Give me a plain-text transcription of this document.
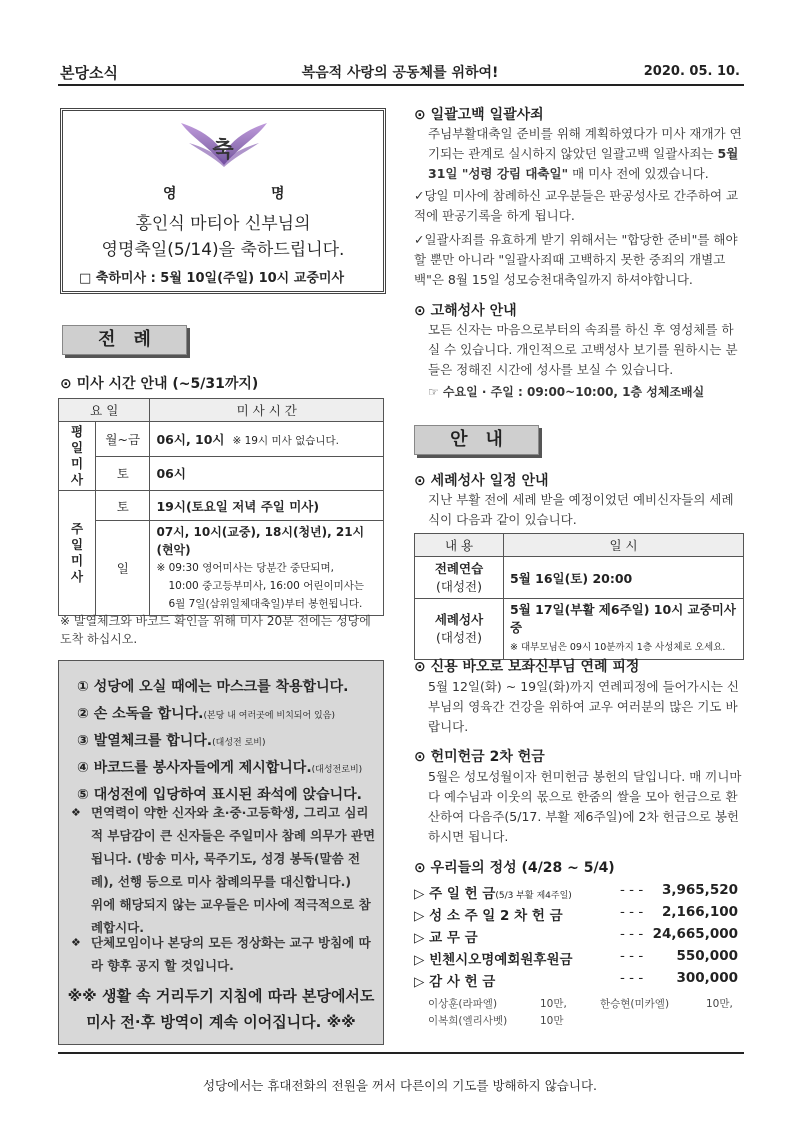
본당소식	복음적 사랑의 공동체를 위하여!	2020. 05. 10.
축
영	명
홍인식 마티아 신부님의
영명축일(5/14)을 축하드립니다.
□ 축하미사 : 5월 10일(주일) 10시 교중미사
전례
⊙ 미사 시간 안내 (~5/31까지)
요 일		미 사 시 간
평일
미사	월~금	06시, 10시 ※ 19시 미사 없습니다.
	토	06시
주일
미사	토	19시(토요일 저녁 주일 미사)
	일	07시, 10시(교중), 18시(청년), 21시(현악)
※ 09:30 영어미사는 당분간 중단되며,
10:00 중고등부미사, 16:00 어린이미사는
6월 7일(삼위일체대축일)부터 봉헌됩니다.
※ 발열체크와 바코드 확인을 위해 미사 20분 전에는 성당에 도착 하십시오.
① 성당에 오실 때에는 마스크를 착용합니다.
② 손 소독을 합니다.(본당 내 여러곳에 비치되어 있음)
③ 발열체크를 합니다.(대성전 로비)
④ 바코드를 봉사자들에게 제시합니다.(대성전로비)
⑤ 대성전에 입당하여 표시된 좌석에 앉습니다.
❖ 면역력이 약한 신자와 초·중·고등학생, 그리고 심리적 부담감이 큰 신자들은 주일미사 참례 의무가 관면됩니다. (방송 미사, 묵주기도, 성경 봉독(말씀 전례), 선행 등으로 미사 참례의무를 대신합니다.)
위에 해당되지 않는 교우들은 미사에 적극적으로 참례합시다.
❖ 단체모임이나 본당의 모든 정상화는 교구 방침에 따라 향후 공지 할 것입니다.
※※ 생활 속 거리두기 지침에 따라 본당에서도
미사 전·후 방역이 계속 이어집니다. ※※
⊙ 일괄고백 일괄사죄
주님부활대축일 준비를 위해 계획하였다가 미사 재개가 연기되는 관계로 실시하지 않았던 일괄고백 일괄사죄는 5월 31일 "성령 강림 대축일" 매 미사 전에 있겠습니다.
✓당일 미사에 참례하신 교우분들은 판공성사로 간주하여 교적에 판공기록을 하게 됩니다.
✓일괄사죄를 유효하게 받기 위해서는 "합당한 준비"를 해야 할 뿐만 아니라 "일괄사죄때 고백하지 못한 중죄의 개별고백"은 8월 15일 성모승천대축일까지 하셔야합니다.
⊙ 고해성사 안내
모든 신자는 마음으로부터의 속죄를 하신 후 영성체를 하실 수 있습니다. 개인적으로 고백성사 보기를 원하시는 분들은 정해진 시간에 성사를 보실 수 있습니다.
☞ 수요일 · 주일 : 09:00~10:00, 1층 성체조배실
안내
⊙ 세례성사 일정 안내
지난 부활 전에 세례 받을 예정이었던 예비신자들의 세례식이 다음과 같이 있습니다.
내 용	일 시
전례연습
(대성전)	5월 16일(토) 20:00
세례성사
(대성전)	5월 17일(부활 제6주일) 10시 교중미사 중
※ 대부모님은 09시 10분까지 1층 사성체로 오세요.
⊙ 신용 바오로 보좌신부님 연례 피정
5월 12일(화) ~ 19일(화)까지 연례피정에 들어가시는 신부님의 영육간 건강을 위하여 교우 여러분의 많은 기도 바랍니다.
⊙ 헌미헌금 2차 헌금
5월은 성모성월이자 헌미헌금 봉헌의 달입니다. 매 끼니마다 예수님과 이웃의 몫으로 한줌의 쌀을 모아 헌금으로 환산하여 다음주(5/17. 부활 제6주일)에 2차 헌금으로 봉헌 하시면 됩니다.
⊙ 우리들의 정성 (4/28 ~ 5/4)
▷ 주 일 헌 금(5/3 부활 제4주일)	- - - 3,965,520
▷ 성 소 주 일 2 차 헌 금	- - - 2,166,100
▷ 교 무 금	- - - 24,665,000
▷ 빈첸시오명예회원후원금	- - - 550,000
▷ 감 사 헌 금	- - - 300,000
이상훈(라파엘)	10만,	한승현(미카엘)	10만,
이복희(엘리사벳)	10만
성당에서는 휴대전화의 전원을 꺼서 다른이의 기도를 방해하지 않습니다.
